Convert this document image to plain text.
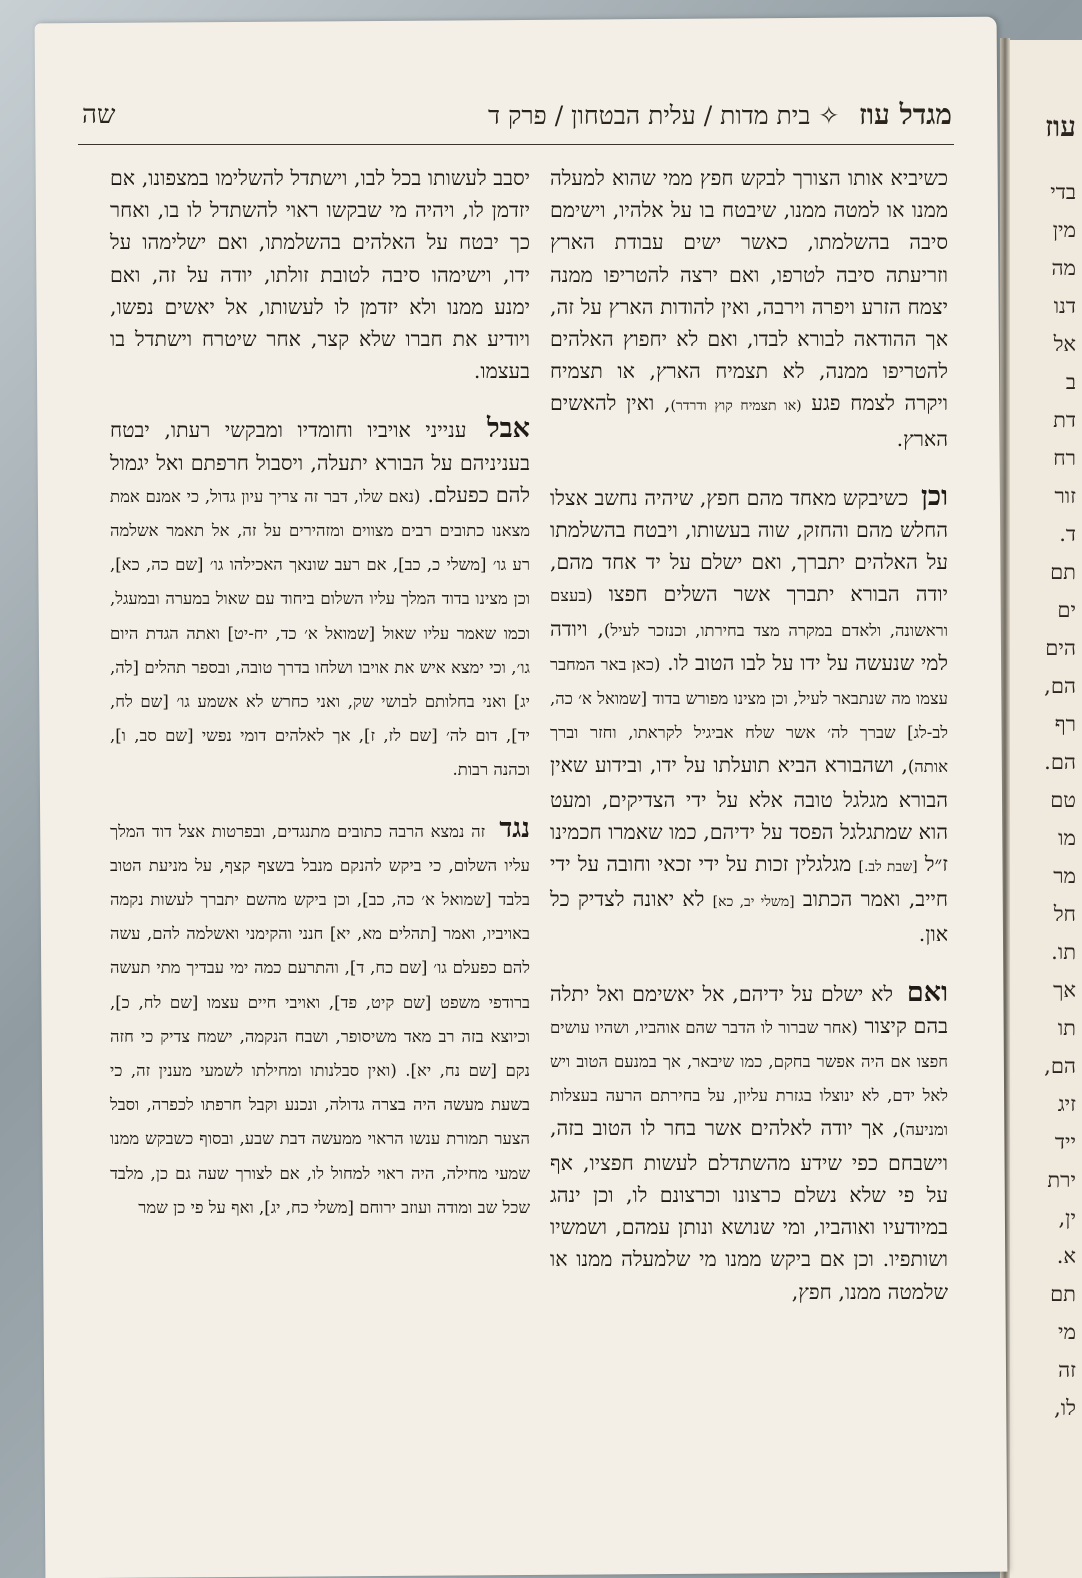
עוז
בדי
מין
מה
דנו
אל
ב
דת
רח
זור
ד.
תם
ים
הים
הם,
רף
הם.
טם
מו
מר
חל
תו.
אך
תו
הם,
זיג
ייד
ירת
ין,
א.
תם
מי
זה
לו,
מגדל עוז ✧ בית מדות / עלית הבטחון / פרק ד
שה

כשיביא אותו הצורך לבקש חפץ ממי שהוא למעלה ממנו או למטה ממנו, שיבטח בו על אלהיו, וישימם סיבה בהשלמתו, כאשר ישים עבודת הארץ וזריעתה סיבה לטרפו, ואם ירצה להטריפו ממנה יצמח הזרע ויפרה וירבה, ואין להודות הארץ על זה, אך ההודאה לבורא לבדו, ואם לא יחפוץ האלהים להטריפו ממנה, לא תצמיח הארץ, או תצמיח ויקרה לצמח פגע (או תצמיח קוץ ודרדר), ואין להאשים הארץ.

וכן כשיבקש מאחד מהם חפץ, שיהיה נחשב אצלו החלש מהם והחזק, שוה בעשותו, ויבטח בהשלמתו על האלהים יתברך, ואם ישלם על יד אחד מהם, יודה הבורא יתברך אשר השלים חפצו (בעצם וראשונה, ולאדם במקרה מצד בחירתו, וכנזכר לעיל), ויודה למי שנעשה על ידו על לבו הטוב לו. (כאן באר המחבר עצמו מה שנתבאר לעיל, וכן מצינו מפורש בדוד [שמואל א׳ כה, לב-לג] שברך לה׳ אשר שלח אביגיל לקראתו, וחזר וברך אותה), ושהבורא הביא תועלתו על ידו, ובידוע שאין הבורא מגלגל טובה אלא על ידי הצדיקים, ומעט הוא שמתגלגל הפסד על ידיהם, כמו שאמרו חכמינו ז״ל [שבת לב.] מגלגלין זכות על ידי זכאי וחובה על ידי חייב, ואמר הכתוב [משלי יב, כא] לא יאונה לצדיק כל און.

ואם לא ישלם על ידיהם, אל יאשימם ואל יתלה בהם קיצור (אחר שברור לו הדבר שהם אוהביו, ושהיו עושים חפצו אם היה אפשר בחקם, כמו שיבאר, אך במנעם הטוב ויש לאל ידם, לא ינוצלו בגזרת עליון, על בחירתם הרעה בעצלות ומניעה), אך יודה לאלהים אשר בחר לו הטוב בזה, וישבחם כפי שידע מהשתדלם לעשות חפציו, אף על פי שלא נשלם כרצונו וכרצונם לו, וכן ינהג במיודעיו ואוהביו, ומי שנושא ונותן עמהם, ושמשיו ושותפיו. וכן אם ביקש ממנו מי שלמעלה ממנו או שלמטה ממנו, חפץ,

יסבב לעשותו בכל לבו, וישתדל להשלימו במצפונו, אם יזדמן לו, ויהיה מי שבקשו ראוי להשתדל לו בו, ואחר כך יבטח על האלהים בהשלמתו, ואם ישלימהו על ידו, וישימהו סיבה לטובת זולתו, יודה על זה, ואם ימנע ממנו ולא יזדמן לו לעשותו, אל יאשים נפשו, ויודיע את חברו שלא קצר, אחר שיטרח וישתדל בו בעצמו.

אבל ענייני אויביו וחומדיו ומבקשי רעתו, יבטח בעניניהם על הבורא יתעלה, ויסבול חרפתם ואל יגמול להם כפעלם. (נאם שלו, דבר זה צריך עיון גדול, כי אמנם אמת מצאנו כתובים רבים מצווים ומזהירים על זה, אל תאמר אשלמה רע גו׳ [משלי כ, כב], אם רעב שונאך האכילהו גו׳ [שם כה, כא], וכן מצינו בדוד המלך עליו השלום ביחוד עם שאול במערה ובמעגל, וכמו שאמר עליו שאול [שמואל א׳ כד, יח-יט] ואתה הגדת היום גו׳, וכי ימצא איש את אויבו ושלחו בדרך טובה, ובספר תהלים [לה, יג] ואני בחלותם לבושי שק, ואני כחרש לא אשמע גו׳ [שם לח, יד], דום לה׳ [שם לז, ז], אך לאלהים דומי נפשי [שם סב, ו], וכהנה רבות.

נגד זה נמצא הרבה כתובים מתנגדים, ובפרטות אצל דוד המלך עליו השלום, כי ביקש להנקם מנבל בשצף קצף, על מניעת הטוב בלבד [שמואל א׳ כה, כב], וכן ביקש מהשם יתברך לעשות נקמה באויביו, ואמר [תהלים מא, יא] חנני והקימני ואשלמה להם, עשה להם כפעלם גו׳ [שם כח, ד], והתרעם כמה ימי עבדיך מתי תעשה ברודפי משפט [שם קיט, פד], ואויבי חיים עצמו [שם לח, כ], וכיוצא בזה רב מאד משיסופר, ושבח הנקמה, ישמח צדיק כי חזה נקם [שם נח, יא]. (ואין סבלנותו ומחילתו לשמעי מענין זה, כי בשעת מעשה היה בצרה גדולה, ונכנע וקבל חרפתו לכפרה, וסבל הצער תמורת ענשו הראוי ממעשה דבת שבע, ובסוף כשבקש ממנו שמעי מחילה, היה ראוי למחול לו, אם לצורך שעה גם כן, מלבד שכל שב ומודה ועוזב ירוחם [משלי כח, יג], ואף על פי כן שמר
